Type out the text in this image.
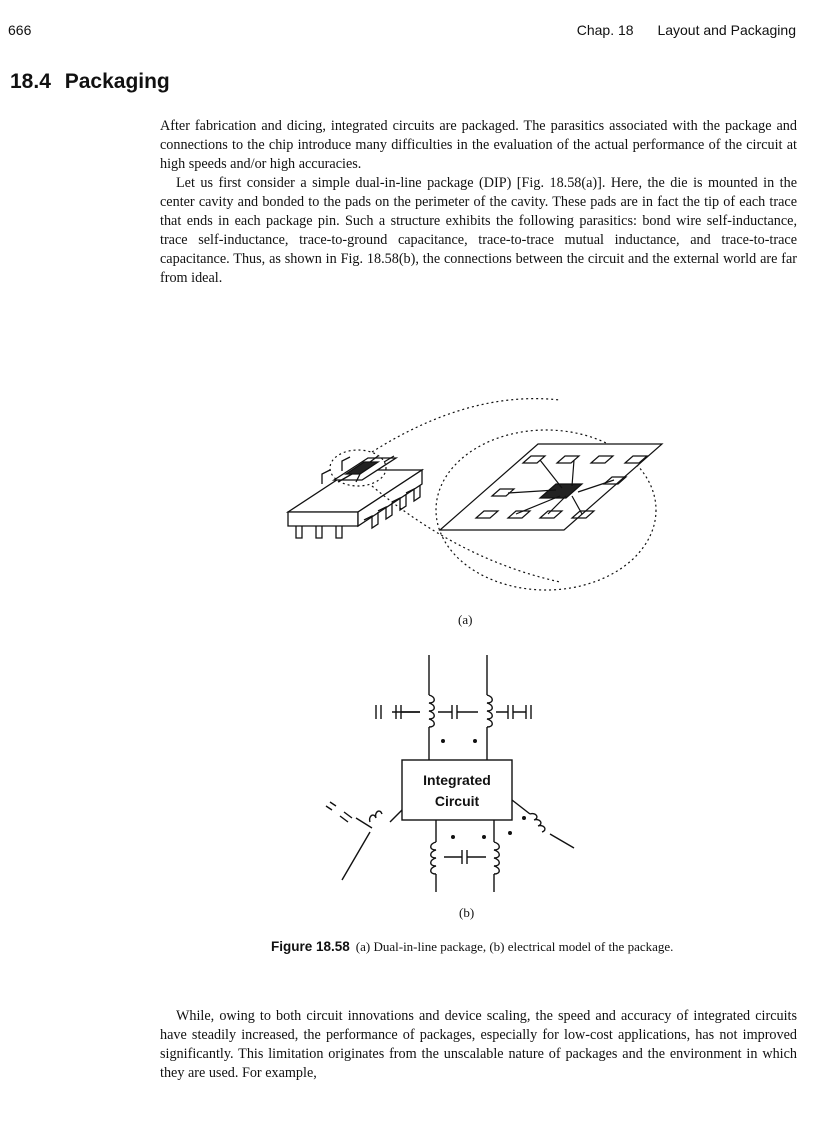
666	Chap. 18 Layout and Packaging
18.4 Packaging

After fabrication and dicing, integrated circuits are packaged. The parasitics associated with the package and connections to the chip introduce many difficulties in the evaluation of the actual performance of the circuit at high speeds and/or high accuracies.

Let us first consider a simple dual-in-line package (DIP) [Fig. 18.58(a)]. Here, the die is mounted in the center cavity and bonded to the pads on the perimeter of the cavity. These pads are in fact the tip of each trace that ends in each package pin. Such a structure exhibits the following parasitics: bond wire self-inductance, trace self-inductance, trace-to-ground capacitance, trace-to-trace mutual inductance, and trace-to-trace capacitance. Thus, as shown in Fig. 18.58(b), the connections between the circuit and the external world are far from ideal.

(a)
Integrated
Circuit
(b)
Figure 18.58 (a) Dual-in-line package, (b) electrical model of the package.

While, owing to both circuit innovations and device scaling, the speed and accuracy of integrated circuits have steadily increased, the performance of packages, especially for low-cost applications, has not improved significantly. This limitation originates from the unscalable nature of packages and the environment in which they are used. For example,
